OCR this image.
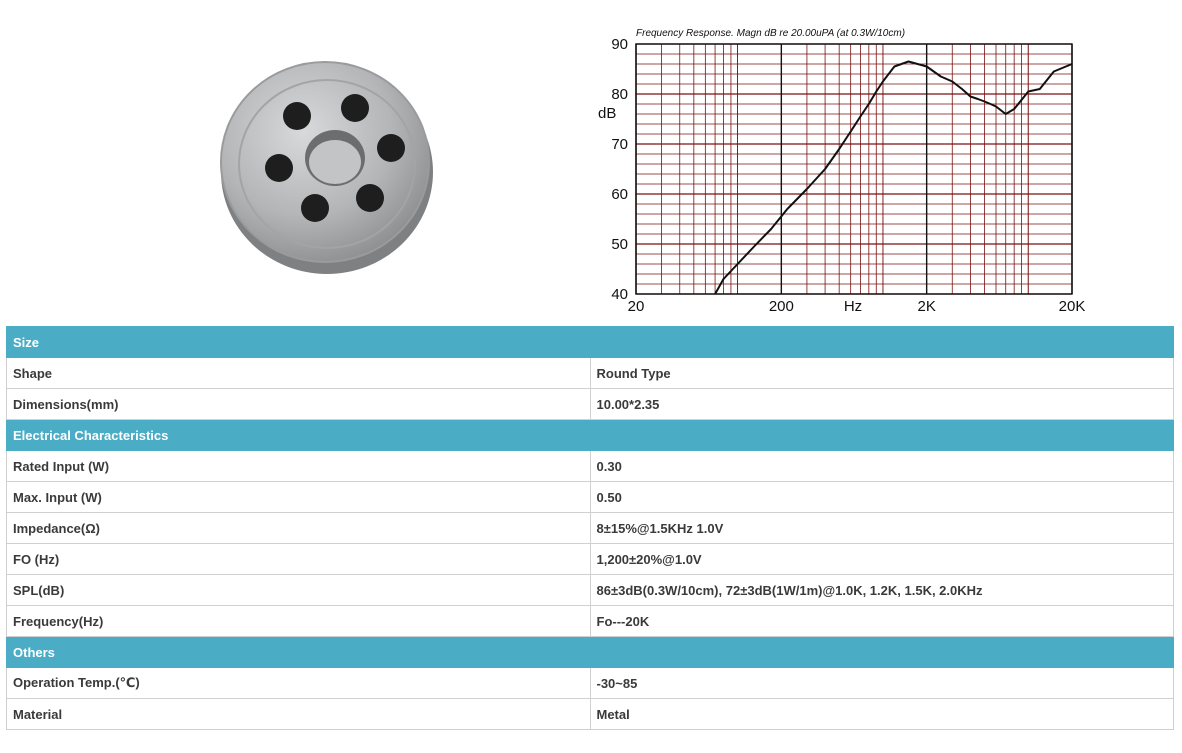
Frequency Response. Magn dB re 20.00uPA (at 0.3W/10cm)
90
80
70
60
50
40
20	200	2K	20K
dB
Hz
Size	
Shape	Round Type
Dimensions(mm)	10.00*2.35
Electrical Characteristics	
Rated Input (W)	0.30
Max. Input (W)	0.50
Impedance(Ω)	8±15%@1.5KHz 1.0V
FO (Hz)	1,200±20%@1.0V
SPL(dB)	86±3dB(0.3W/10cm), 72±3dB(1W/1m)@1.0K, 1.2K, 1.5K, 2.0KHz
Frequency(Hz)	Fo---20K
Others	
Operation Temp.(℃)	-30~85
Material	Metal
